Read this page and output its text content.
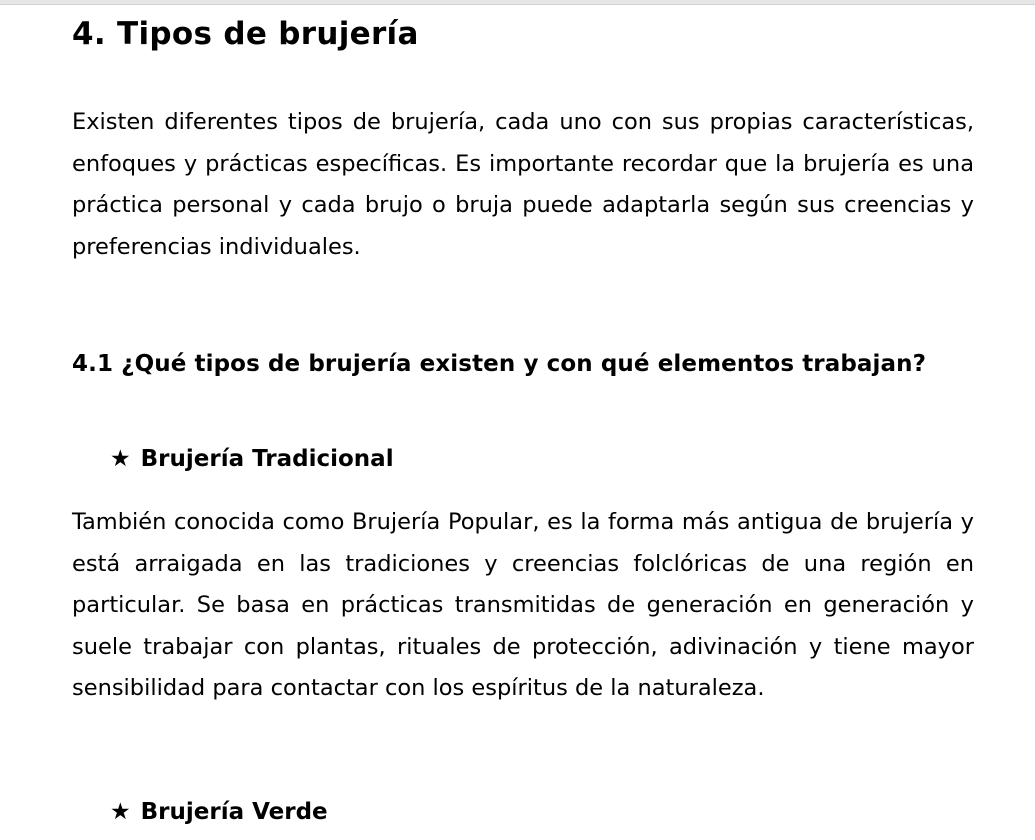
4. Tipos de brujería

Existen diferentes tipos de brujería, cada uno con sus propias características, enfoques y prácticas específicas. Es importante recordar que la brujería es una práctica personal y cada brujo o bruja puede adaptarla según sus creencias y preferencias individuales.

4.1 ¿Qué tipos de brujería existen y con qué elementos trabajan?
★ Brujería Tradicional

También conocida como Brujería Popular, es la forma más antigua de brujería y está arraigada en las tradiciones y creencias folclóricas de una región en particular. Se basa en prácticas transmitidas de generación en generación y suele trabajar con plantas, rituales de protección, adivinación y tiene mayor sensibilidad para contactar con los espíritus de la naturaleza.

★ Brujería Verde
